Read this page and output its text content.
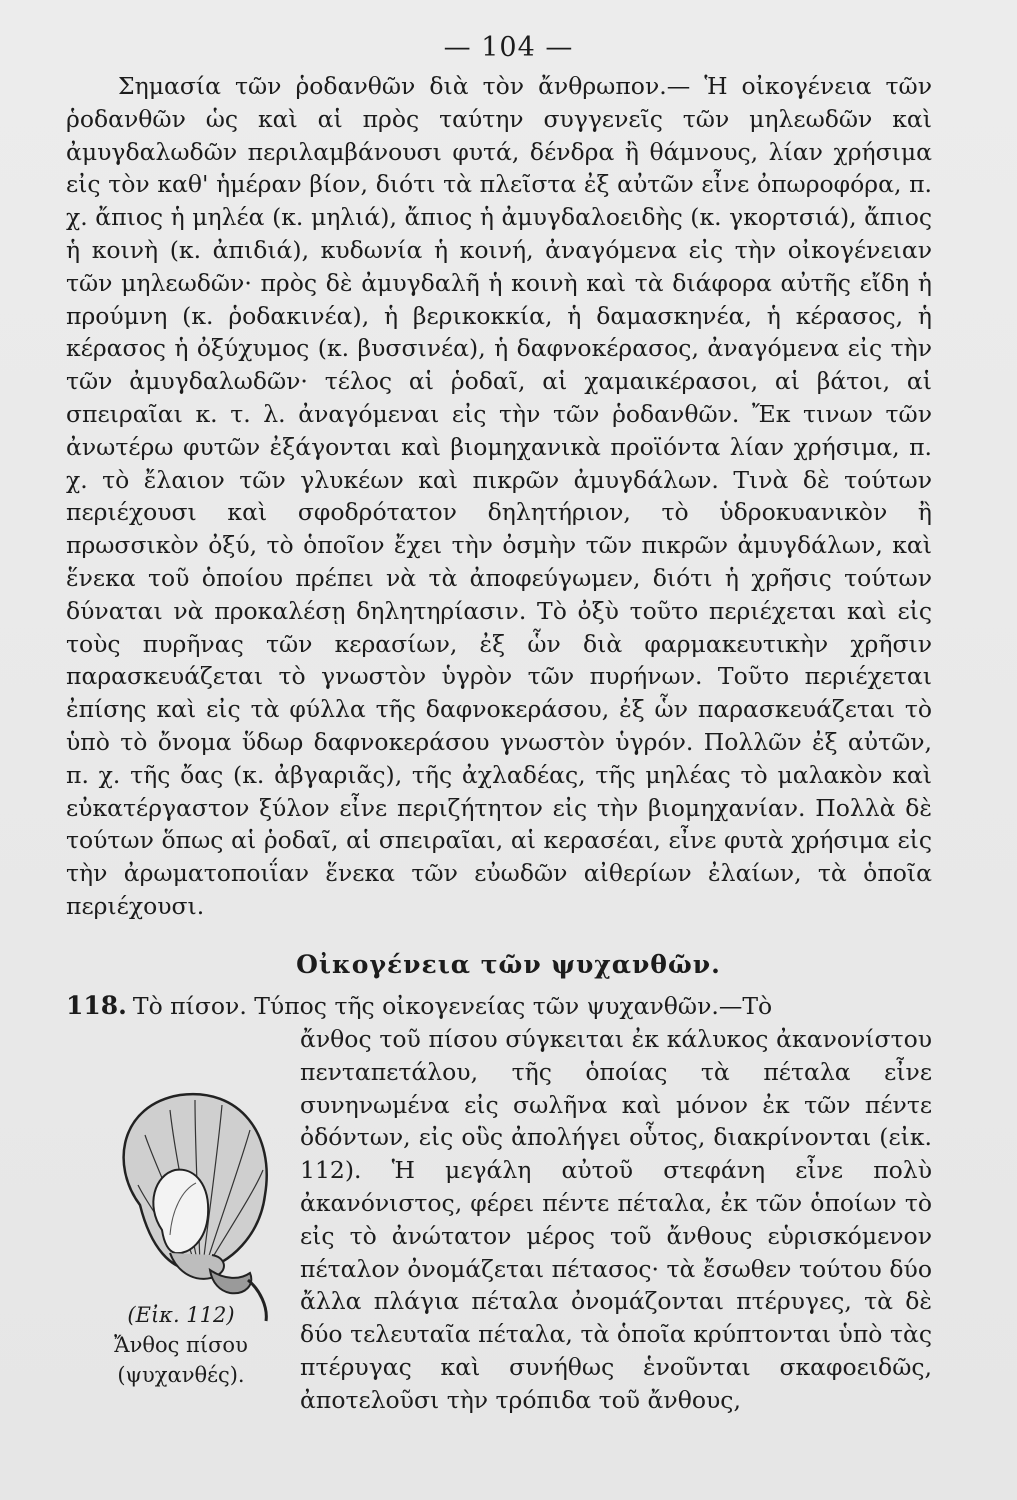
— 104 —

Σημασία τῶν ῥοδανθῶν διὰ τὸν ἄνθρωπον.— Ἡ οἰκογένεια τῶν ῥοδανθῶν ὡς καὶ αἱ πρὸς ταύτην συγγενεῖς τῶν μηλεωδῶν καὶ ἀμυγδαλωδῶν περιλαμβάνουσι φυτά, δένδρα ἢ θάμνους, λίαν χρήσιμα εἰς τὸν καθ' ἡμέραν βίον, διότι τὰ πλεῖστα ἐξ αὐτῶν εἶνε ὀπωροφόρα, π. χ. ἄπιος ἡ μηλέα (κ. μηλιά), ἄπιος ἡ ἀμυγδαλοειδὴς (κ. γκορτσιά), ἄπιος ἡ κοινὴ (κ. ἀπιδιά), κυδωνία ἡ κοινή, ἀναγόμενα εἰς τὴν οἰκογένειαν τῶν μηλεωδῶν· πρὸς δὲ ἀμυγδαλῆ ἡ κοινὴ καὶ τὰ διάφορα αὐτῆς εἴδη ἡ προύμνη (κ. ῥοδακινέα), ἡ βερικοκκία, ἡ δαμασκηνέα, ἡ κέρασος, ἡ κέρασος ἡ ὀξύχυμος (κ. βυσσινέα), ἡ δαφνοκέρασος, ἀναγόμενα εἰς τὴν τῶν ἀμυγδαλωδῶν· τέλος αἱ ῥοδαῖ, αἱ χαμαικέρασοι, αἱ βάτοι, αἱ σπειραῖαι κ. τ. λ. ἀναγόμεναι εἰς τὴν τῶν ῥοδανθῶν. Ἔκ τινων τῶν ἀνωτέρω φυτῶν ἐξάγονται καὶ βιομηχανικὰ προϊόντα λίαν χρήσιμα, π. χ. τὸ ἔλαιον τῶν γλυκέων καὶ πικρῶν ἀμυγδάλων. Τινὰ δὲ τούτων περιέχουσι καὶ σφοδρότατον δηλητήριον, τὸ ὑδροκυανικὸν ἢ πρωσσικὸν ὀξύ, τὸ ὁποῖον ἔχει τὴν ὀσμὴν τῶν πικρῶν ἀμυγδάλων, καὶ ἕνεκα τοῦ ὁποίου πρέπει νὰ τὰ ἀποφεύγωμεν, διότι ἡ χρῆσις τούτων δύναται νὰ προκαλέσῃ δηλητηρίασιν. Τὸ ὀξὺ τοῦτο περιέχεται καὶ εἰς τοὺς πυρῆνας τῶν κερασίων, ἐξ ὧν διὰ φαρμακευτικὴν χρῆσιν παρασκευάζεται τὸ γνωστὸν ὑγρὸν τῶν πυρήνων. Τοῦτο περιέχεται ἐπίσης καὶ εἰς τὰ φύλλα τῆς δαφνοκεράσου, ἐξ ὧν παρασκευάζεται τὸ ὑπὸ τὸ ὄνομα ὕδωρ δαφνοκεράσου γνωστὸν ὑγρόν. Πολλῶν ἐξ αὐτῶν, π. χ. τῆς ὄας (κ. ἀβγαριᾶς), τῆς ἀχλαδέας, τῆς μηλέας τὸ μαλακὸν καὶ εὐκατέργαστον ξύλον εἶνε περιζήτητον εἰς τὴν βιομηχανίαν. Πολλὰ δὲ τούτων ὅπως αἱ ῥοδαῖ, αἱ σπειραῖαι, αἱ κερασέαι, εἶνε φυτὰ χρήσιμα εἰς τὴν ἀρωματοποιΐαν ἕνεκα τῶν εὐωδῶν αἰθερίων ἐλαίων, τὰ ὁποῖα περιέχουσι.

Οἰκογένεια τῶν ψυχανθῶν.
118. Τὸ πίσον. Τύπος τῆς οἰκογενείας τῶν ψυχανθῶν.—Τὸ
ἄνθος τοῦ πίσου σύγκειται ἐκ κάλυκος ἀκανονίστου πενταπετάλου, τῆς ὁποίας τὰ πέταλα εἶνε συνηνωμένα εἰς σωλῆνα καὶ μόνον ἐκ τῶν πέντε ὀδόντων, εἰς οὓς ἀπολήγει οὗτος, διακρίνονται (εἰκ. 112). Ἡ μεγάλη αὐτοῦ στεφάνη εἶνε πολὺ ἀκανόνιστος, φέρει πέντε πέταλα, ἐκ τῶν ὁποίων τὸ εἰς τὸ ἀνώτατον μέρος τοῦ ἄνθους εὑρισκόμενον πέταλον ὀνομάζεται πέτασος· τὰ ἔσωθεν τούτου δύο ἄλλα πλάγια πέταλα ὀνομάζονται πτέρυγες, τὰ δὲ δύο τελευταῖα πέταλα, τὰ ὁποῖα κρύπτονται ὑπὸ τὰς πτέρυγας καὶ συνήθως ἑνοῦνται σκαφοειδῶς, ἀποτελοῦσι τὴν τρόπιδα τοῦ ἄνθους,
(Εἰκ. 112)
Ἄνθος πίσου (ψυχανθές).
